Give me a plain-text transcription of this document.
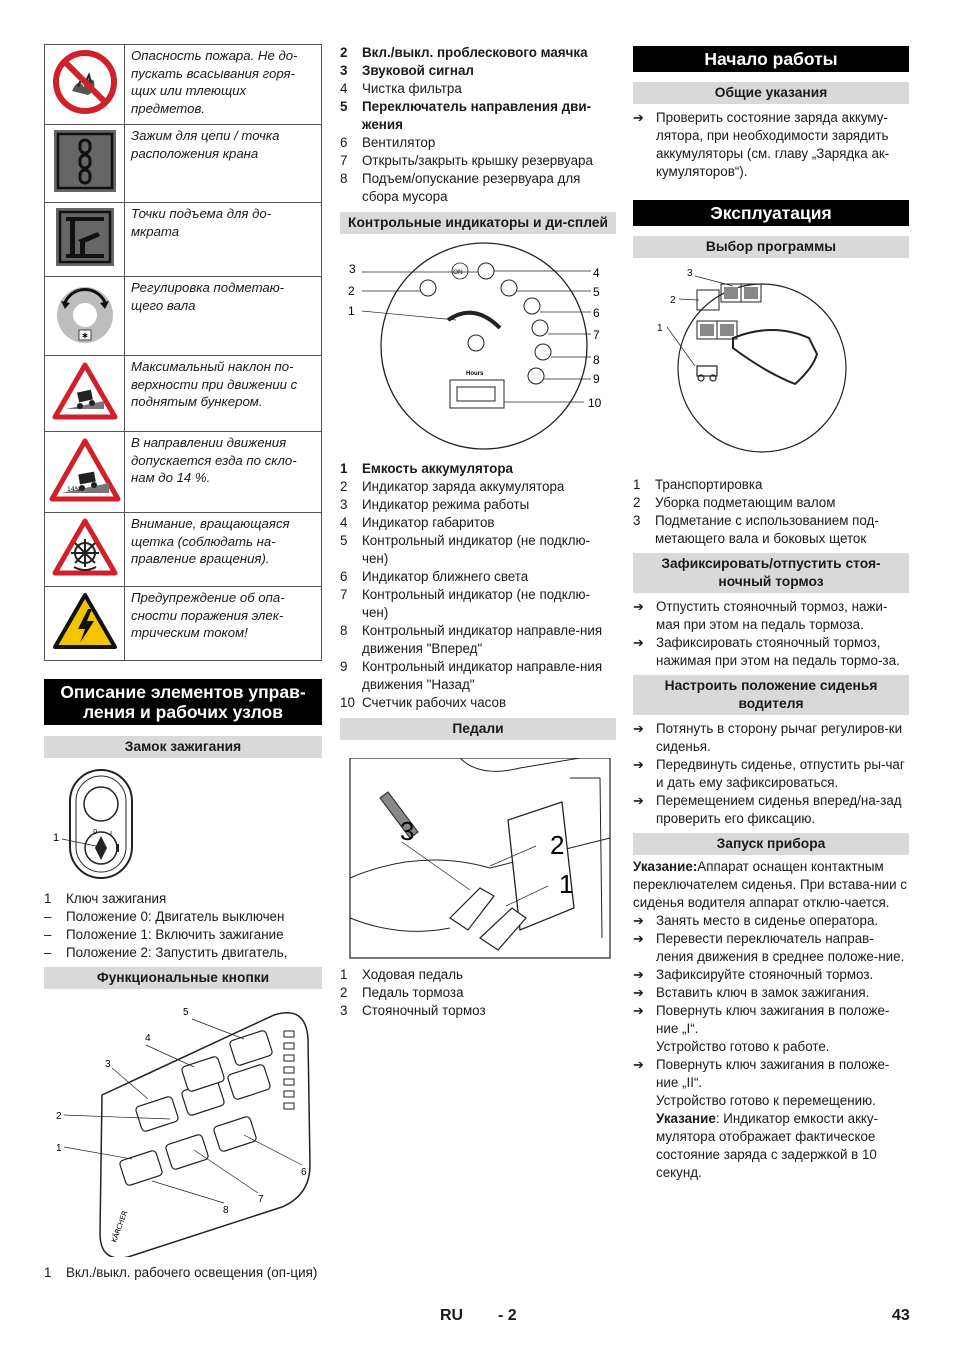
	Опасность пожара. Не до-пускать всасывания горя-щих или тлеющих предметов.
	Зажим для цепи / точка расположения крана
	Точки подъема для до-мкрата

✱	Регулировка подметаю-щего вала
	Максимальный наклон по-верхности при движении с поднятым бункером.

14%	В направлении движения допускается езда по скло-нам до 14 %.
	Внимание, вращающаяся щетка (соблюдать на-правление вращения).
	Предупреждение об опа-сности поражения элек-трическим током!
Описание элементов управ-ления и рабочих узлов
Замок зажигания
0 I
1
1	Ключ зажигания
–	Положение 0: Двигатель выключен
–	Положение 1: Включить зажигание
–	Положение 2: Запустить двигатель,
Функциональные кнопки
KÄRCHER
1
2
3
4
5
6
7
8
1	Вкл./выкл. рабочего освещения (оп-ция)
2	Вкл./выкл. проблескового маячка
3	Звуковой сигнал
4	Чистка фильтра
5	Переключатель направления дви-жения
6	Вентилятор
7	Открыть/закрыть крышку резервуара
8	Подъем/опускание резервуара для сбора мусора
Контрольные индикаторы и ди-сплей
ON
Hours
1
2
3	4
5
6
7
8
9
10
1	Емкость аккумулятора
2	Индикатор заряда аккумулятора
3	Индикатор режима работы
4	Индикатор габаритов
5	Контрольный индикатор (не подклю-чен)
6	Индикатор ближнего света
7	Контрольный индикатор (не подклю-чен)
8	Контрольный индикатор направле-ния движения "Вперед"
9	Контрольный индикатор направле-ния движения "Назад"
10 Счетчик рабочих часов
Педали
3	2
1
1	Ходовая педаль
2	Педаль тормоза
3	Стояночный тормоз
Начало работы
Общие указания
➔ Проверить состояние заряда аккуму-лятора, при необходимости зарядить аккумуляторы (см. главу „Зарядка ак-кумуляторов“).
Эксплуатация
Выбор программы
3
2
1
1	Транспортировка
2	Уборка подметающим валом
3	Подметание с использованием под-метающего вала и боковых щеток
Зафиксировать/отпустить стоя-ночный тормоз
➔ Отпустить стояночный тормоз, нажи-мая при этом на педаль тормоза.
➔ Зафиксировать стояночный тормоз, нажимая при этом на педаль тормо-за.
Настроить положение сиденья водителя
➔ Потянуть в сторону рычаг регулиров-ки сиденья.
➔ Передвинуть сиденье, отпустить ры-чаг и дать ему зафиксироваться.
➔ Перемещением сиденья вперед/на-зад проверить его фиксацию.
Запуск прибора

Указание:Аппарат оснащен контактным переключателем сиденья. При встава-нии с сиденья водителя аппарат отклю-чается.

➔ Занять место в сиденье оператора.
➔ Перевести переключатель направ-ления движения в среднее положе-ние.
➔ Зафиксируйте стояночный тормоз.
➔ Вставить ключ в замок зажигания.
➔ Повернуть ключ зажигания в положе-ние „I“.

Устройство готово к работе.

➔ Повернуть ключ зажигания в положе-ние „II“.

Устройство готово к перемещению.

Указание: Индикатор емкости акку-мулятора отображает фактическое состояние заряда с задержкой в 10 секунд.

RU - 2	43
